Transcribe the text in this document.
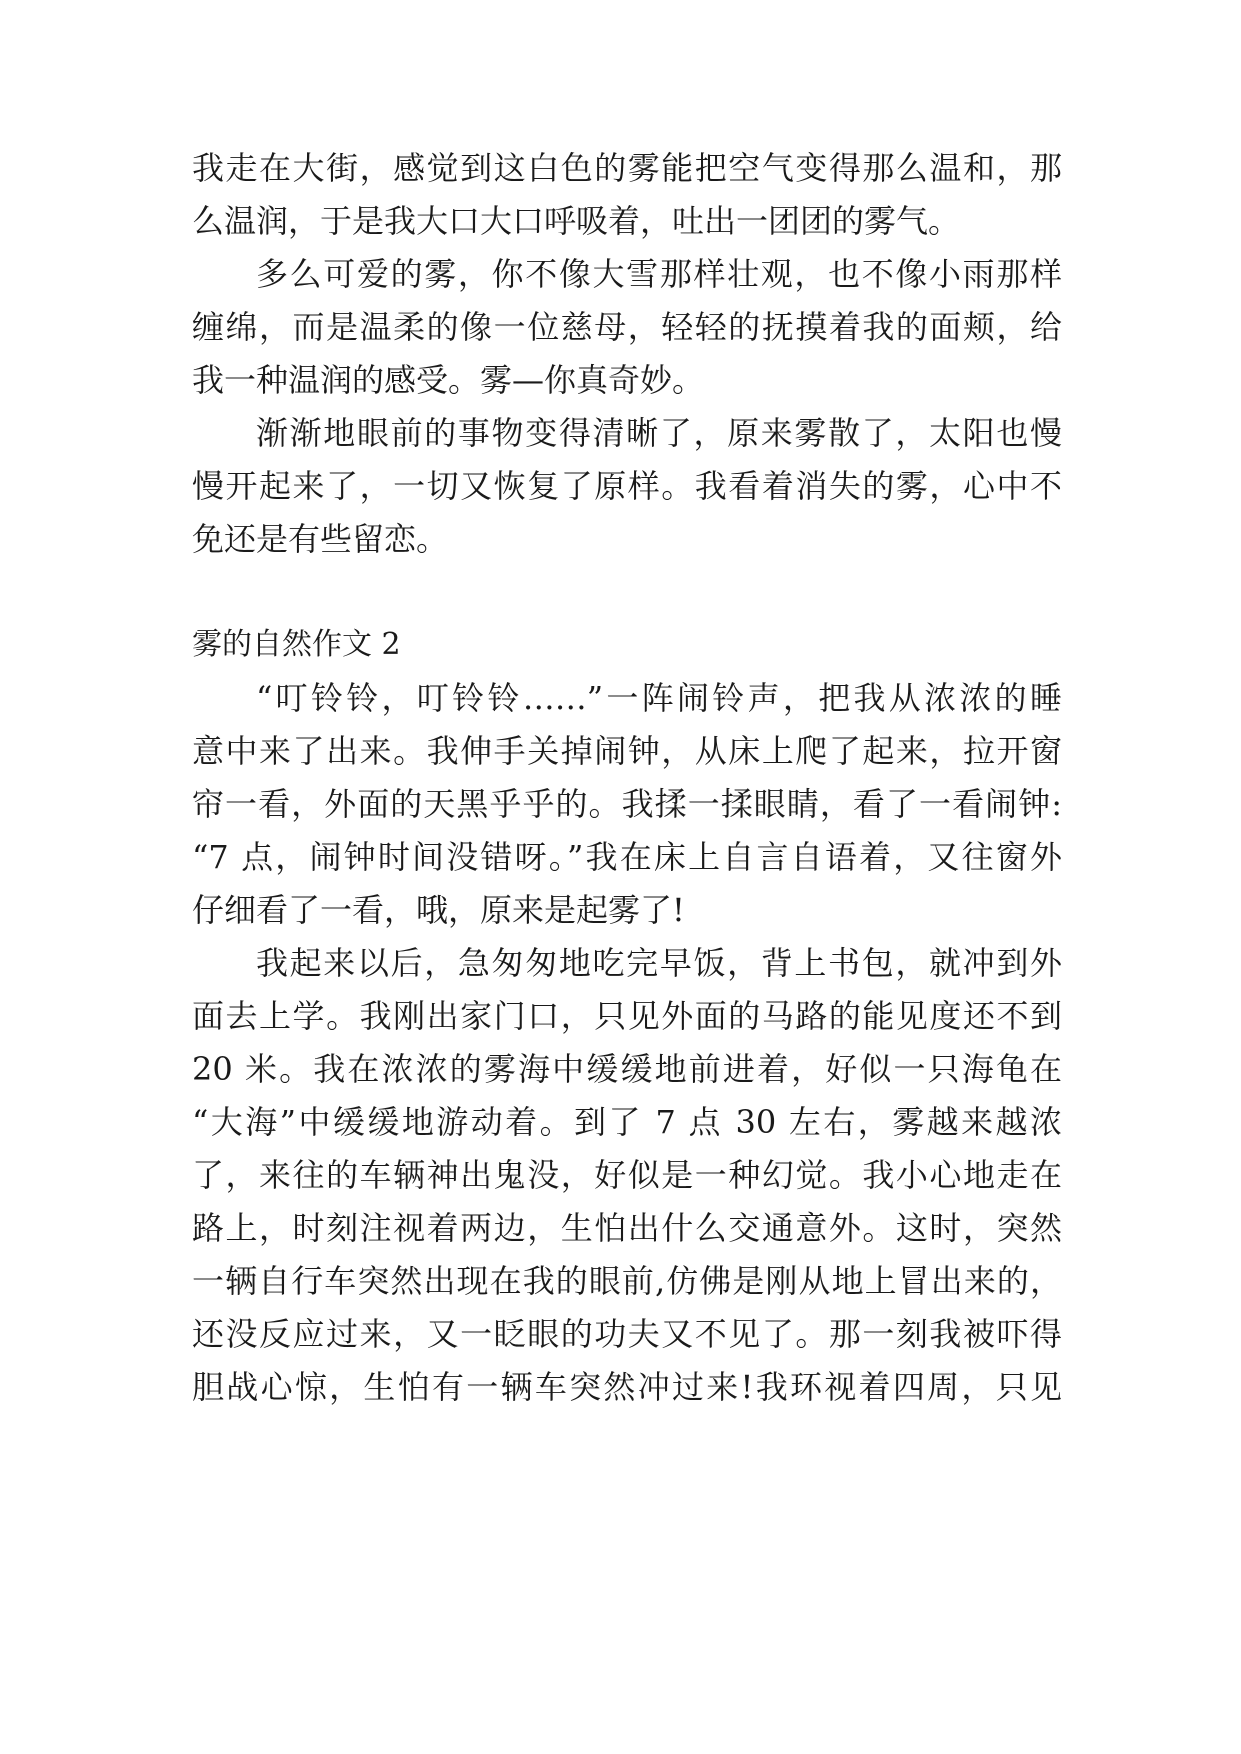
我走在大街，感觉到这白色的雾能把空气变得那么温和，那
么温润，于是我大口大口呼吸着，吐出一团团的雾气。
多么可爱的雾，你不像大雪那样壮观，也不像小雨那样
缠绵，而是温柔的像一位慈母，轻轻的抚摸着我的面颊，给
我一种温润的感受。雾—你真奇妙。
渐渐地眼前的事物变得清晰了，原来雾散了，太阳也慢
慢开起来了，一切又恢复了原样。我看着消失的雾，心中不
免还是有些留恋。
雾的自然作文 2
“叮铃铃，叮铃铃……”一阵闹铃声，把我从浓浓的睡
意中来了出来。我伸手关掉闹钟，从床上爬了起来，拉开窗
帘一看，外面的天黑乎乎的。我揉一揉眼睛，看了一看闹钟:
“7 点，闹钟时间没错呀。”我在床上自言自语着，又往窗外
仔细看了一看，哦，原来是起雾了!
我起来以后，急匆匆地吃完早饭，背上书包，就冲到外
面去上学。我刚出家门口，只见外面的马路的能见度还不到
20 米。我在浓浓的雾海中缓缓地前进着，好似一只海龟在
“大海”中缓缓地游动着。到了 7 点 30 左右，雾越来越浓
了，来往的车辆神出鬼没，好似是一种幻觉。我小心地走在
路上，时刻注视着两边，生怕出什么交通意外。这时，突然
一辆自行车突然出现在我的眼前,仿佛是刚从地上冒出来的，
还没反应过来，又一眨眼的功夫又不见了。那一刻我被吓得
胆战心惊，生怕有一辆车突然冲过来!我环视着四周，只见
